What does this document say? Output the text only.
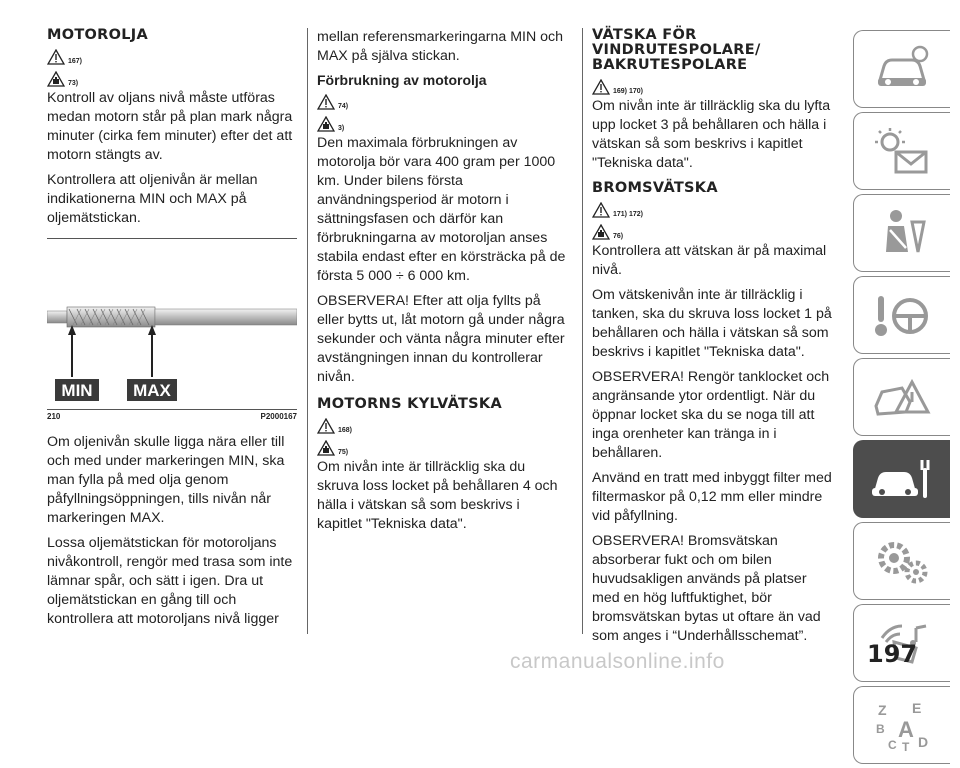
MOTOROLJA
167)
73)

Kontroll av oljans nivå måste utföras medan motorn står på plan mark några minuter (cirka fem minuter) efter det att motorn stängts av.

Kontrollera att oljenivån är mellan indikationerna MIN och MAX på oljemätstickan.

MIN MAX
210	P2000167

Om oljenivån skulle ligga nära eller till och med under markeringen MIN, ska man fylla på med olja genom påfyllningsöppningen, tills nivån når markeringen MAX.

Lossa oljemätstickan för motoroljans nivåkontroll, rengör med trasa som inte lämnar spår, och sätt i igen. Dra ut oljemätstickan en gång till och kontrollera att motoroljans nivå ligger

mellan referensmarkeringarna MIN och MAX på själva stickan.

Förbrukning av motorolja
74)
3)

Den maximala förbrukningen av motorolja bör vara 400 gram per 1000 km. Under bilens första användningsperiod är motorn i sättningsfasen och därför kan förbrukningarna av motoroljan anses stabila endast efter en körsträcka på de första 5 000 ÷ 6 000 km.

OBSERVERA! Efter att olja fyllts på eller bytts ut, låt motorn gå under några sekunder och vänta några minuter efter avstängningen innan du kontrollerar nivån.

MOTORNS KYLVÄTSKA
168)
75)

Om nivån inte är tillräcklig ska du skruva loss locket på behållaren 4 och hälla i vätskan så som beskrivs i kapitlet "Tekniska data".

VÄTSKA FÖR
VINDRUTESPOLARE/
BAKRUTESPOLARE
169) 170)

Om nivån inte är tillräcklig ska du lyfta upp locket 3 på behållaren och hälla i vätskan så som beskrivs i kapitlet "Tekniska data".

BROMSVÄTSKA
171) 172)
76)

Kontrollera att vätskan är på maximal nivå.

Om vätskenivån inte är tillräcklig i tanken, ska du skruva loss locket 1 på behållaren och hälla i vätskan så som beskrivs i kapitlet "Tekniska data".

OBSERVERA! Rengör tanklocket och angränsande ytor ordentligt. När du öppnar locket ska du se noga till att inga orenheter kan tränga in i behållaren.

Använd en tratt med inbyggt filter med filtermaskor på 0,12 mm eller mindre vid påfyllning.

OBSERVERA! Bromsvätskan absorberar fukt och om bilen huvudsakligen används på platser med en hög luftfuktighet, bör bromsvätskan bytas ut oftare än vad som anges i “Underhållsschemat”.

Z E
B A
C T D
197
carmanualsonline.info
